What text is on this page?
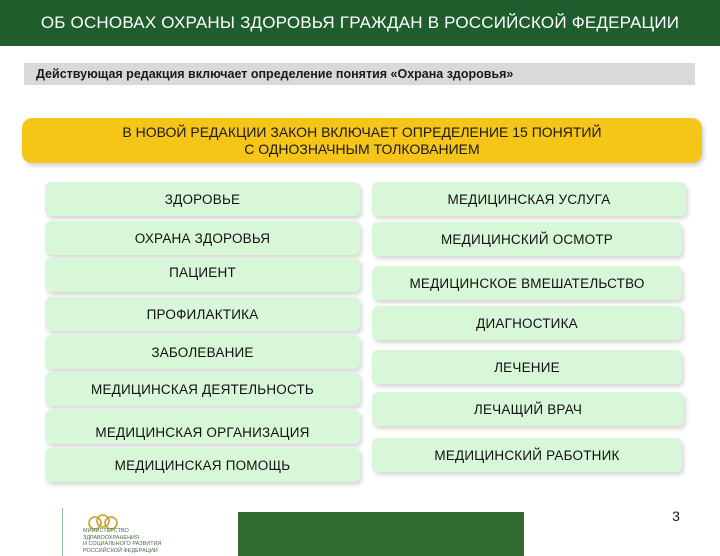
ОБ ОСНОВАХ ОХРАНЫ ЗДОРОВЬЯ ГРАЖДАН В РОССИЙСКОЙ ФЕДЕРАЦИИ
Действующая редакция включает определение понятия «Охрана здоровья»
В НОВОЙ РЕДАКЦИИ ЗАКОН ВКЛЮЧАЕТ ОПРЕДЕЛЕНИЕ 15 ПОНЯТИЙ
С ОДНОЗНАЧНЫМ ТОЛКОВАНИЕМ
ЗДОРОВЬЕ
ОХРАНА ЗДОРОВЬЯ
ПАЦИЕНТ
ПРОФИЛАКТИКА
ЗАБОЛЕВАНИЕ
МЕДИЦИНСКАЯ ДЕЯТЕЛЬНОСТЬ
МЕДИЦИНСКАЯ ОРГАНИЗАЦИЯ
МЕДИЦИНСКАЯ ПОМОЩЬ
МЕДИЦИНСКАЯ УСЛУГА
МЕДИЦИНСКИЙ ОСМОТР
МЕДИЦИНСКОЕ ВМЕШАТЕЛЬСТВО
ДИАГНОСТИКА
ЛЕЧЕНИЕ
ЛЕЧАЩИЙ ВРАЧ
МЕДИЦИНСКИЙ РАБОТНИК
МИНИСТЕРСТВО
ЗДРАВООХРАНЕНИЯ
И СОЦИАЛЬНОГО РАЗВИТИЯ
РОССИЙСКОЙ ФЕДЕРАЦИИ
3
